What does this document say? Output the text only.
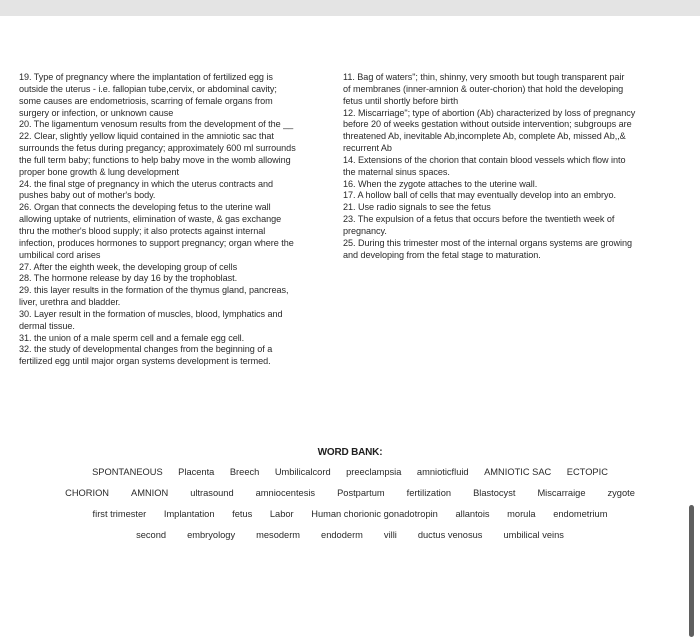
19. Type of pregnancy where the implantation of fertilized egg is
outside the uterus - i.e. fallopian tube,cervix, or abdominal cavity;
some causes are endometriosis, scarring of female organs from
surgery or infection, or unknown cause
20. The ligamentum venosum results from the development of the __
22. Clear, slightly yellow liquid contained in the amniotic sac that
surrounds the fetus during pregancy; approximately 600 ml surrounds
the full term baby; functions to help baby move in the womb allowing
proper bone growth & lung development
24. the final stge of pregnancy in which the uterus contracts and
pushes baby out of mother's body.
26. Organ that connects the developing fetus to the uterine wall
allowing uptake of nutrients, elimination of waste, & gas exchange
thru the mother's blood supply; it also protects against internal
infection, produces hormones to support pregnancy; organ where the
umbilical cord arises
27. After the eighth week, the developing group of cells
28. The hormone release by day 16 by the trophoblast.
29. this layer results in the formation of the thymus gland, pancreas,
liver, urethra and bladder.
30. Layer result in the formation of muscles, blood, lymphatics and
dermal tissue.
31. the union of a male sperm cell and a female egg cell.
32. the study of developmental changes from the beginning of a
fertilized egg until major organ systems development is termed.
11. Bag of waters"; thin, shinny, very smooth but tough transparent pair
of membranes (inner-amnion & outer-chorion) that hold the developing
fetus until shortly before birth
12. Miscarriage"; type of abortion (Ab) characterized by loss of pregnancy
before 20 of weeks gestation without outside intervention; subgroups are
threatened Ab, inevitable Ab,incomplete Ab, complete Ab, missed Ab,,&
recurrent Ab
14. Extensions of the chorion that contain blood vessels which flow into
the maternal sinus spaces.
16. When the zygote attaches to the uterine wall.
17. A hollow ball of cells that may eventually develop into an embryo.
21. Use radio signals to see the fetus
23. The expulsion of a fetus that occurs before the twentieth week of
pregnancy.
25. During this trimester most of the internal organs systems are growing
and developing from the fetal stage to maturation.
WORD BANK:
SPONTANEOUS Placenta Breech Umbilicalcord preeclampsia amnioticfluid AMNIOTIC SAC ECTOPIC
CHORION AMNION ultrasound amniocentesis Postpartum fertilization Blastocyst Miscarraige zygote
first trimester Implantation fetus Labor Human chorionic gonadotropin allantois morula endometrium
second embryology mesoderm endoderm villi ductus venosus umbilical veins
